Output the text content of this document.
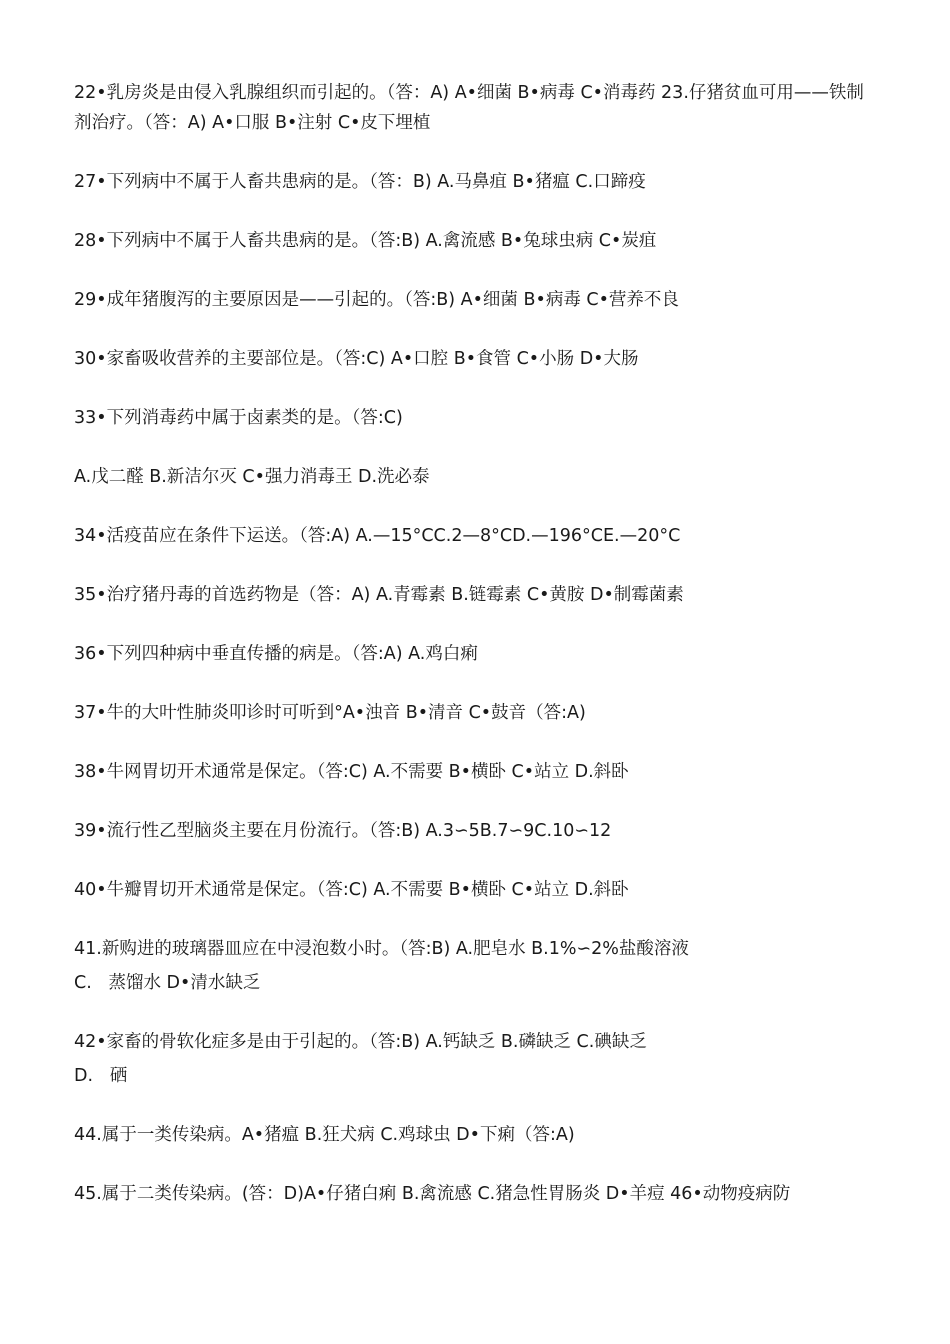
22•乳房炎是由侵入乳腺组织而引起的。（答：A) A•细菌 B•病毒 C•消毒药 23.仔猪贫血可用——铁制剂治疗。（答：A) A•口服 B•注射 C•皮下埋植

27•下列病中不属于人畜共患病的是。（答：B) A.马鼻疽 B•猪瘟 C.口蹄疫

28•下列病中不属于人畜共患病的是。（答:B) A.禽流感 B•兔球虫病 C•炭疽

29•成年猪腹泻的主要原因是——引起的。（答:B) A•细菌 B•病毒 C•营养不良

30•家畜吸收营养的主要部位是。（答:C) A•口腔 B•食管 C•小肠 D•大肠

33•下列消毒药中属于卤素类的是。（答:C)

A.戊二醛 B.新洁尔灭 C•强力消毒王 D.洗必泰

34•活疫苗应在条件下运送。（答:A) A.—15°CC.2—8°CD.—196°CE.—20°C

35•治疗猪丹毒的首选药物是（答：A) A.青霉素 B.链霉素 C•黄胺 D•制霉菌素

36•下列四种病中垂直传播的病是。（答:A) A.鸡白痢

37•牛的大叶性肺炎叩诊时可听到°A•浊音 B•清音 C•鼓音（答:A)

38•牛网胃切开术通常是保定。（答:C) A.不需要 B•横卧 C•站立 D.斜卧

39•流行性乙型脑炎主要在月份流行。（答:B) A.3∽5B.7∽9C.10∽12

40•牛瓣胃切开术通常是保定。（答:C) A.不需要 B•横卧 C•站立 D.斜卧

41.新购进的玻璃器皿应在中浸泡数小时。（答:B) A.肥皂水 B.1%∽2%盐酸溶液

C.   蒸馏水 D•清水缺乏

42•家畜的骨软化症多是由于引起的。（答:B) A.钙缺乏 B.磷缺乏 C.碘缺乏

D.   硒

44.属于一类传染病。A•猪瘟 B.狂犬病 C.鸡球虫 D•下痢（答:A)

45.属于二类传染病。(答：D)A•仔猪白痢 B.禽流感 C.猪急性胃肠炎 D•羊痘 46•动物疫病防
